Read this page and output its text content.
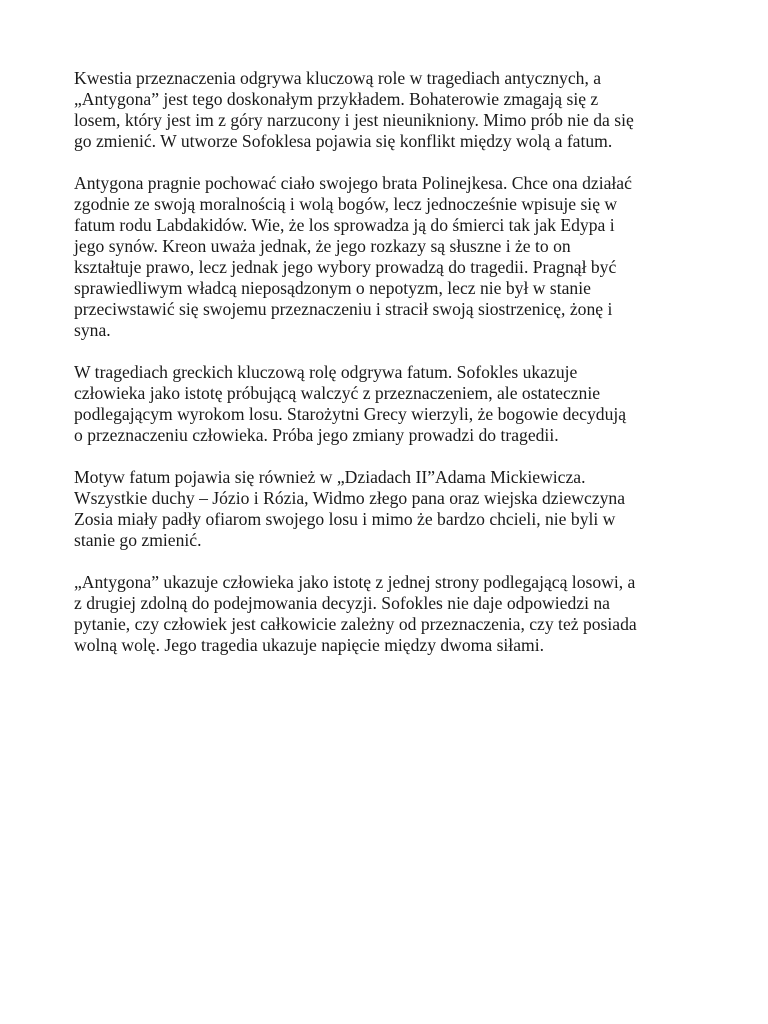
Kwestia przeznaczenia odgrywa kluczową role w tragediach antycznych, a
„Antygona” jest tego doskonałym przykładem. Bohaterowie zmagają się z
losem, który jest im z góry narzucony i jest nieunikniony. Mimo prób nie da się
go zmienić. W utworze Sofoklesa pojawia się konflikt między wolą a fatum.

Antygona pragnie pochować ciało swojego brata Polinejkesa. Chce ona działać
zgodnie ze swoją moralnością i wolą bogów, lecz jednocześnie wpisuje się w
fatum rodu Labdakidów. Wie, że los sprowadza ją do śmierci tak jak Edypa i
jego synów. Kreon uważa jednak, że jego rozkazy są słuszne i że to on
kształtuje prawo, lecz jednak jego wybory prowadzą do tragedii. Pragnął być
sprawiedliwym władcą nieposądzonym o nepotyzm, lecz nie był w stanie
przeciwstawić się swojemu przeznaczeniu i stracił swoją siostrzenicę, żonę i
syna.

W tragediach greckich kluczową rolę odgrywa fatum. Sofokles ukazuje
człowieka jako istotę próbującą walczyć z przeznaczeniem, ale ostatecznie
podlegającym wyrokom losu. Starożytni Grecy wierzyli, że bogowie decydują
o przeznaczeniu człowieka. Próba jego zmiany prowadzi do tragedii.

Motyw fatum pojawia się również w „Dziadach II”Adama Mickiewicza.
Wszystkie duchy – Józio i Rózia, Widmo złego pana oraz wiejska dziewczyna
Zosia miały padły ofiarom swojego losu i mimo że bardzo chcieli, nie byli w
stanie go zmienić.

„Antygona” ukazuje człowieka jako istotę z jednej strony podlegającą losowi, a
z drugiej zdolną do podejmowania decyzji. Sofokles nie daje odpowiedzi na
pytanie, czy człowiek jest całkowicie zależny od przeznaczenia, czy też posiada
wolną wolę. Jego tragedia ukazuje napięcie między dwoma siłami.
